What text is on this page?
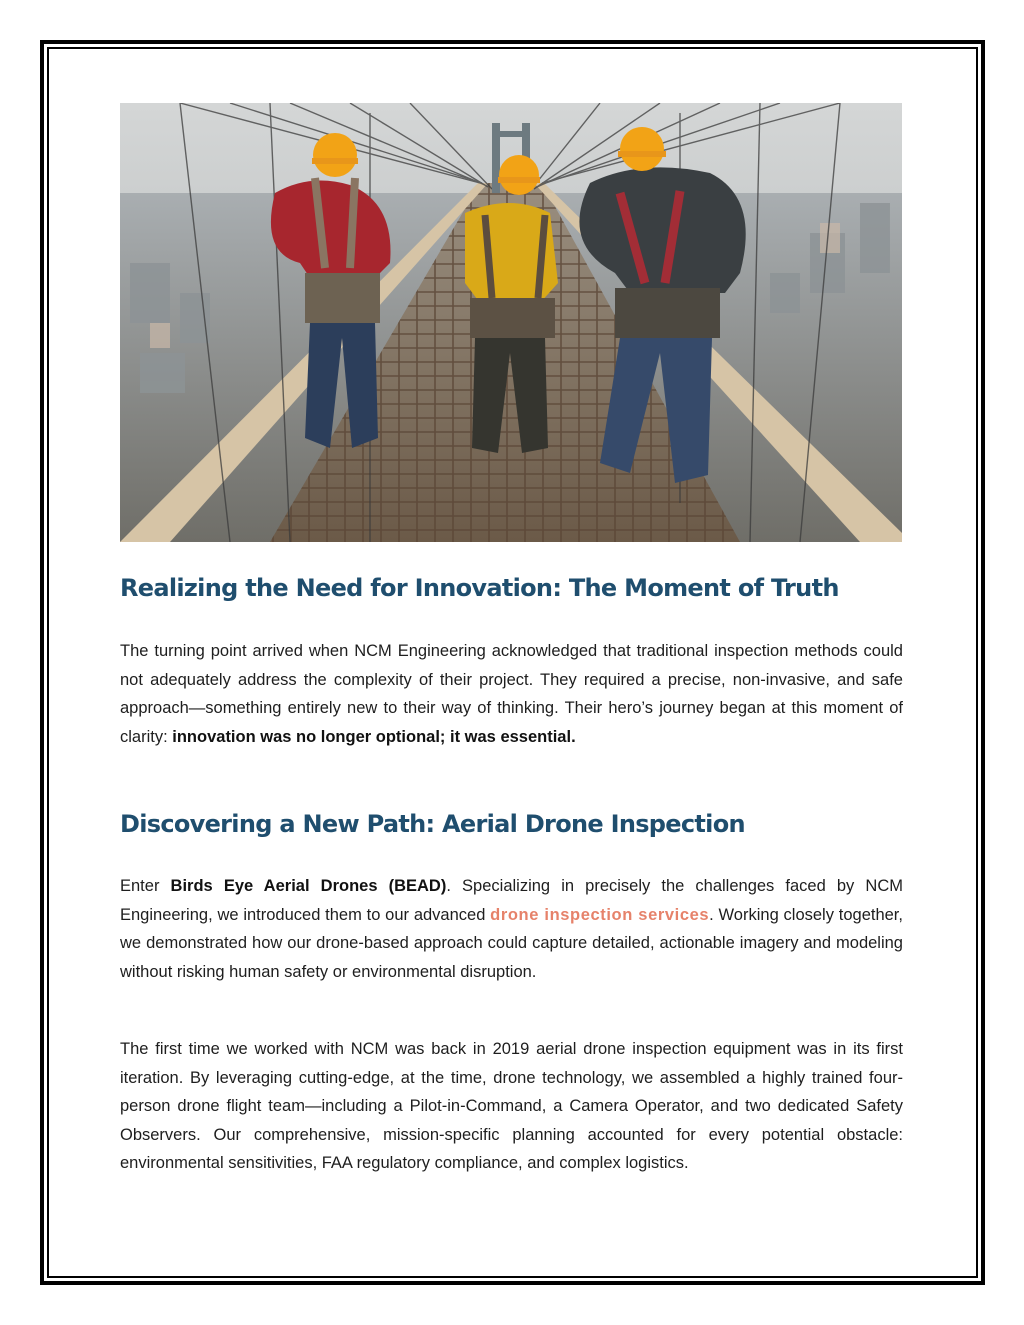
Realizing the Need for Innovation: The Moment of Truth

The turning point arrived when NCM Engineering acknowledged that traditional inspection methods could not adequately address the complexity of their project. They required a precise, non-invasive, and safe approach—something entirely new to their way of thinking. Their hero’s journey began at this moment of clarity: innovation was no longer optional; it was essential.

Discovering a New Path: Aerial Drone Inspection

Enter Birds Eye Aerial Drones (BEAD). Specializing in precisely the challenges faced by NCM Engineering, we introduced them to our advanced drone inspection services. Working closely together, we demonstrated how our drone-based approach could capture detailed, actionable imagery and modeling without risking human safety or environmental disruption.

The first time we worked with NCM was back in 2019 aerial drone inspection equipment was in its first iteration. By leveraging cutting-edge, at the time, drone technology, we assembled a highly trained four-person drone flight team—including a Pilot-in-Command, a Camera Operator, and two dedicated Safety Observers. Our comprehensive, mission-specific planning accounted for every potential obstacle: environmental sensitivities, FAA regulatory compliance, and complex logistics.
